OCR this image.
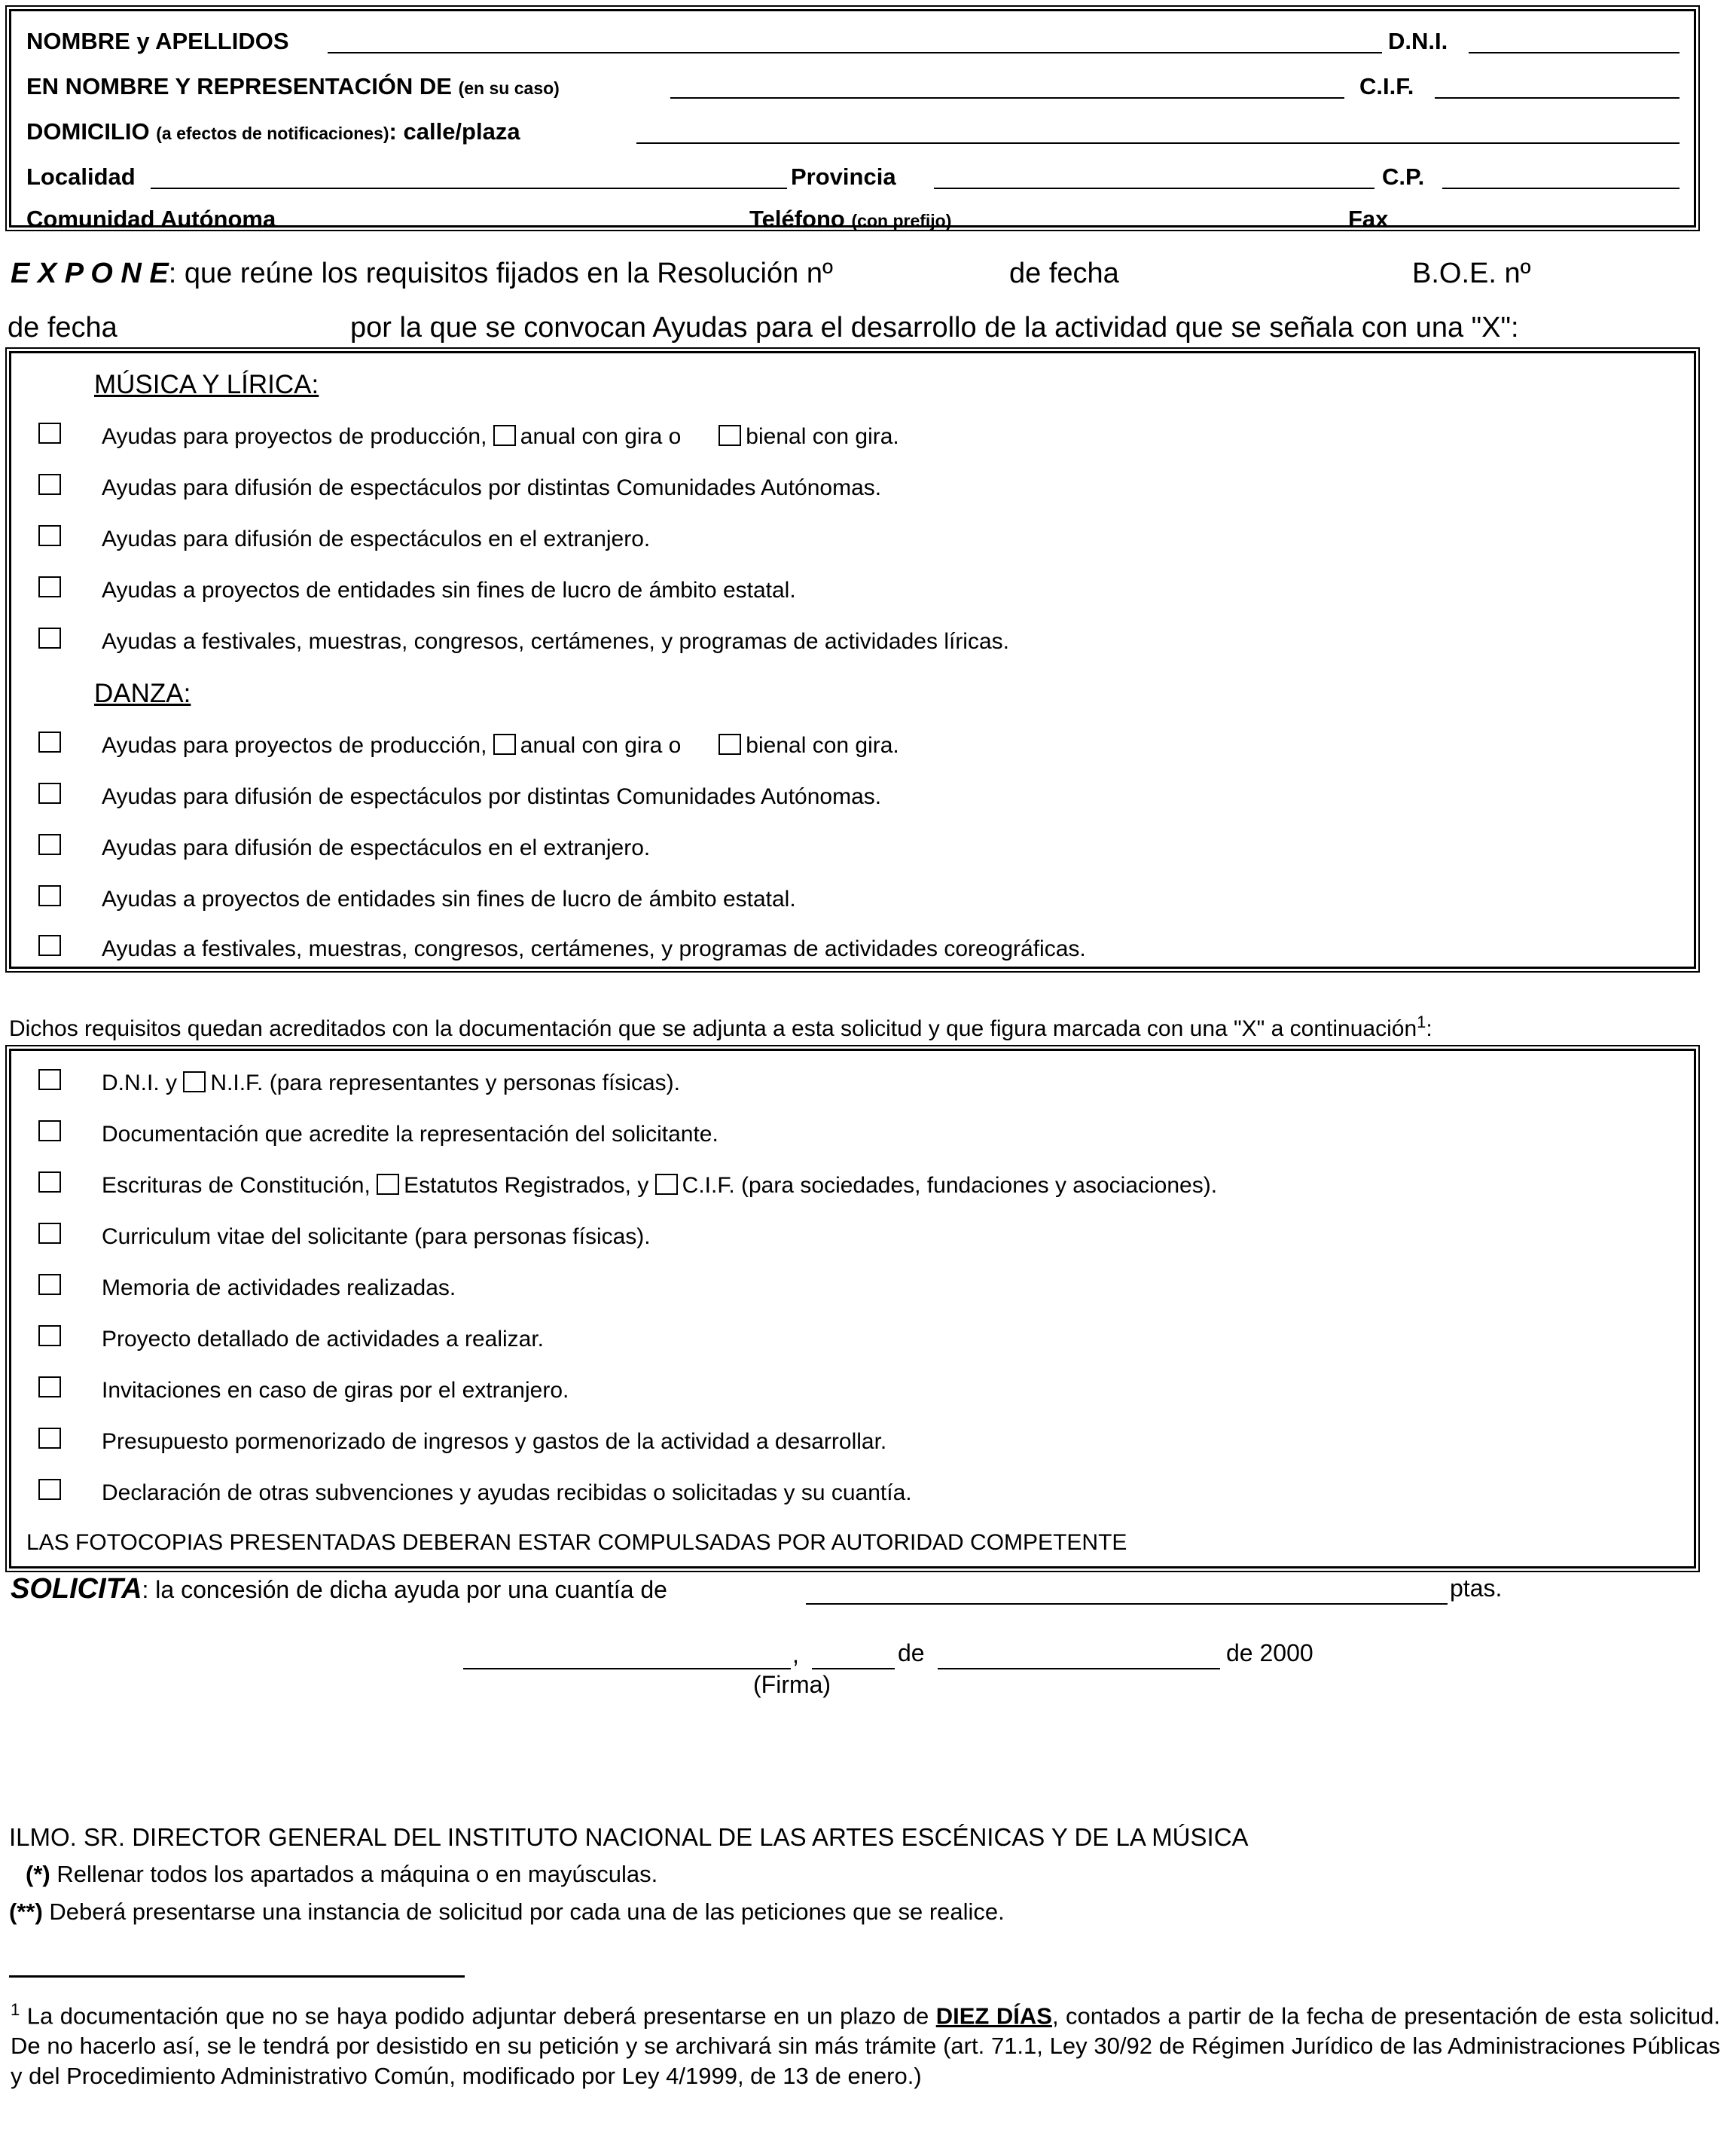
NOMBRE y APELLIDOS	D.N.I.
EN NOMBRE Y REPRESENTACIÓN DE (en su caso)	C.I.F.
DOMICILIO (a efectos de notificaciones): calle/plaza
Localidad	Provincia	C.P.
Comunidad Autónoma	Teléfono (con prefijo)	Fax
E X P O N E: que reúne los requisitos fijados en la Resolución nº	de fecha	B.O.E. nº
de fecha	por la que se convocan Ayudas para el desarrollo de la actividad que se señala con una "X":
MÚSICA Y LÍRICA:
Ayudas para proyectos de producción, anual con gira o	bienal con gira.
Ayudas para difusión de espectáculos por distintas Comunidades Autónomas.
Ayudas para difusión de espectáculos en el extranjero.
Ayudas a proyectos de entidades sin fines de lucro de ámbito estatal.
Ayudas a festivales, muestras, congresos, certámenes, y programas de actividades líricas.
DANZA:
Ayudas para proyectos de producción, anual con gira o	bienal con gira.
Ayudas para difusión de espectáculos por distintas Comunidades Autónomas.
Ayudas para difusión de espectáculos en el extranjero.
Ayudas a proyectos de entidades sin fines de lucro de ámbito estatal.
Ayudas a festivales, muestras, congresos, certámenes, y programas de actividades coreográficas.
Dichos requisitos quedan acreditados con la documentación que se adjunta a esta solicitud y que figura marcada con una "X" a continuación$^1$:
D.N.I. y N.I.F. (para representantes y personas físicas).
Documentación que acredite la representación del solicitante.
Escrituras de Constitución, Estatutos Registrados, y C.I.F. (para sociedades, fundaciones y asociaciones).
Curriculum vitae del solicitante (para personas físicas).
Memoria de actividades realizadas.
Proyecto detallado de actividades a realizar.
Invitaciones en caso de giras por el extranjero.
Presupuesto pormenorizado de ingresos y gastos de la actividad a desarrollar.
Declaración de otras subvenciones y ayudas recibidas o solicitadas y su cuantía.
LAS FOTOCOPIAS PRESENTADAS DEBERAN ESTAR COMPULSADAS POR AUTORIDAD COMPETENTE
SOLICITA: la concesión de dicha ayuda por una cuantía de	ptas.
,	de	de 2000
(Firma)
ILMO. SR. DIRECTOR GENERAL DEL INSTITUTO NACIONAL DE LAS ARTES ESCÉNICAS Y DE LA MÚSICA
(*) Rellenar todos los apartados a máquina o en mayúsculas.
(**) Deberá presentarse una instancia de solicitud por cada una de las peticiones que se realice.
$^1$ La documentación que no se haya podido adjuntar deberá presentarse en un plazo de DIEZ DÍAS, contados a partir de la fecha de presentación de esta solicitud. De no hacerlo así, se le tendrá por desistido en su petición y se archivará sin más trámite (art. 71.1, Ley 30/92 de Régimen Jurídico de las Administraciones Públicas y del Procedimiento Administrativo Común, modificado por Ley 4/1999, de 13 de enero.)
